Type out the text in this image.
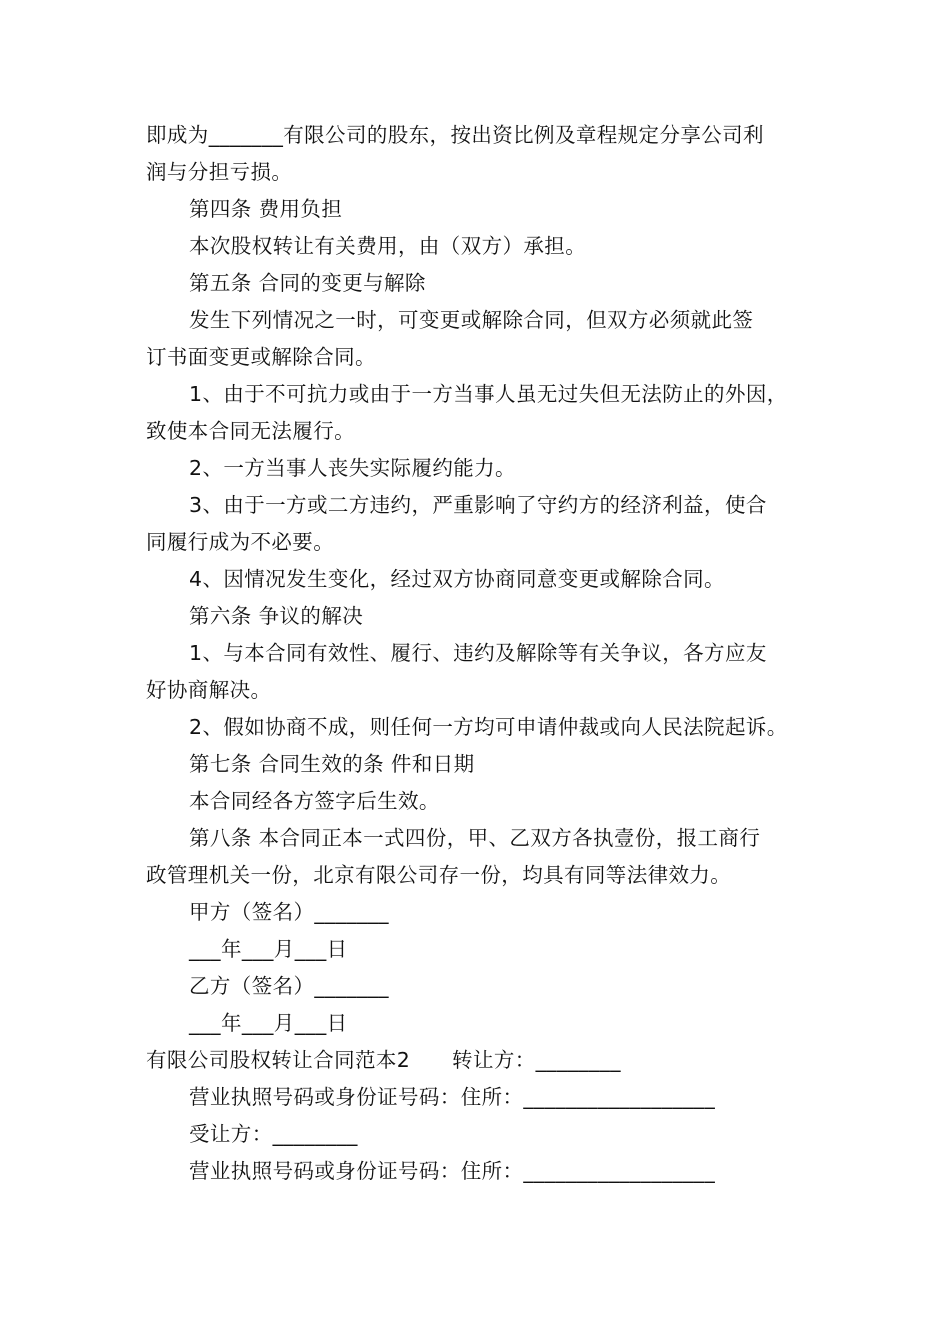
即成为_______有限公司的股东，按出资比例及章程规定分享公司利
润与分担亏损。
第四条 费用负担
本次股权转让有关费用，由（双方）承担。
第五条 合同的变更与解除
发生下列情况之一时，可变更或解除合同，但双方必须就此签
订书面变更或解除合同。
1、由于不可抗力或由于一方当事人虽无过失但无法防止的外因，
致使本合同无法履行。
2、一方当事人丧失实际履约能力。
3、由于一方或二方违约，严重影响了守约方的经济利益，使合
同履行成为不必要。
4、因情况发生变化，经过双方协商同意变更或解除合同。
第六条 争议的解决
1、与本合同有效性、履行、违约及解除等有关争议，各方应友
好协商解决。
2、假如协商不成，则任何一方均可申请仲裁或向人民法院起诉。
第七条 合同生效的条 件和日期
本合同经各方签字后生效。
第八条 本合同正本一式四份，甲、乙双方各执壹份，报工商行
政管理机关一份，北京有限公司存一份，均具有同等法律效力。
甲方（签名）_______
___年___月___日
乙方（签名）_______
___年___月___日
有限公司股权转让合同范本2　　转让方：________
营业执照号码或身份证号码：住所：__________________
受让方：________
营业执照号码或身份证号码：住所：__________________
